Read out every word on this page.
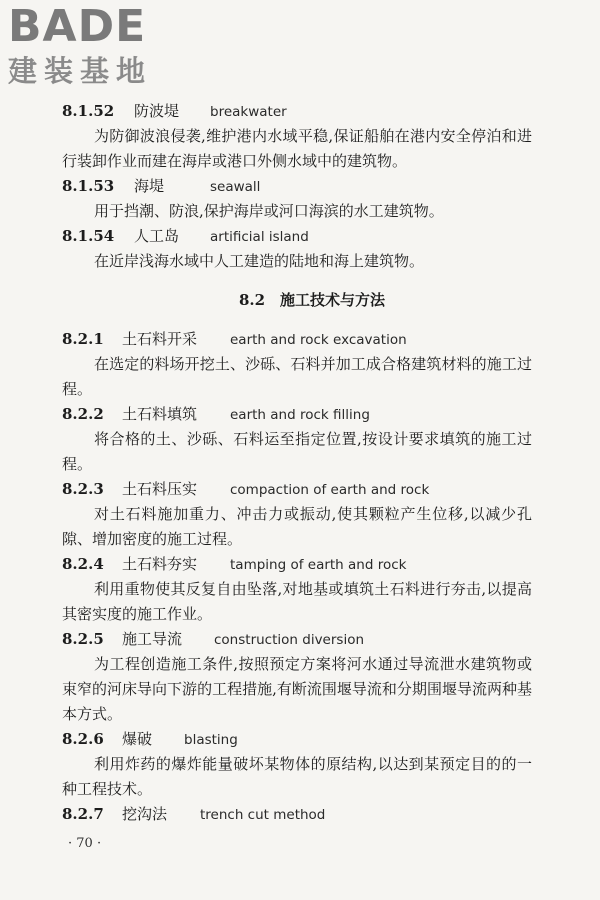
BADE
建装基地
8.1.52 防波堤 breakwater

为防御波浪侵袭,维护港内水域平稳,保证船舶在港内安全停泊和进行装卸作业而建在海岸或港口外侧水域中的建筑物。

8.1.53 海堤	seawall

用于挡潮、防浪,保护海岸或河口海滨的水工建筑物。

8.1.54 人工岛 artificial island

在近岸浅海水域中人工建造的陆地和海上建筑物。

8.2　施工技术与方法
8.2.1 土石料开采 earth and rock excavation

在选定的料场开挖土、沙砾、石料并加工成合格建筑材料的施工过程。

8.2.2 土石料填筑 earth and rock filling

将合格的土、沙砾、石料运至指定位置,按设计要求填筑的施工过程。

8.2.3 土石料压实 compaction of earth and rock

对土石料施加重力、冲击力或振动,使其颗粒产生位移,以减少孔隙、增加密度的施工过程。

8.2.4 土石料夯实 tamping of earth and rock

利用重物使其反复自由坠落,对地基或填筑土石料进行夯击,以提高其密实度的施工作业。

8.2.5 施工导流 construction diversion

为工程创造施工条件,按照预定方案将河水通过导流泄水建筑物或束窄的河床导向下游的工程措施,有断流围堰导流和分期围堰导流两种基本方式。

8.2.6 爆破 blasting

利用炸药的爆炸能量破坏某物体的原结构,以达到某预定目的的一种工程技术。

8.2.7 挖沟法 trench cut method
· 70 ·
